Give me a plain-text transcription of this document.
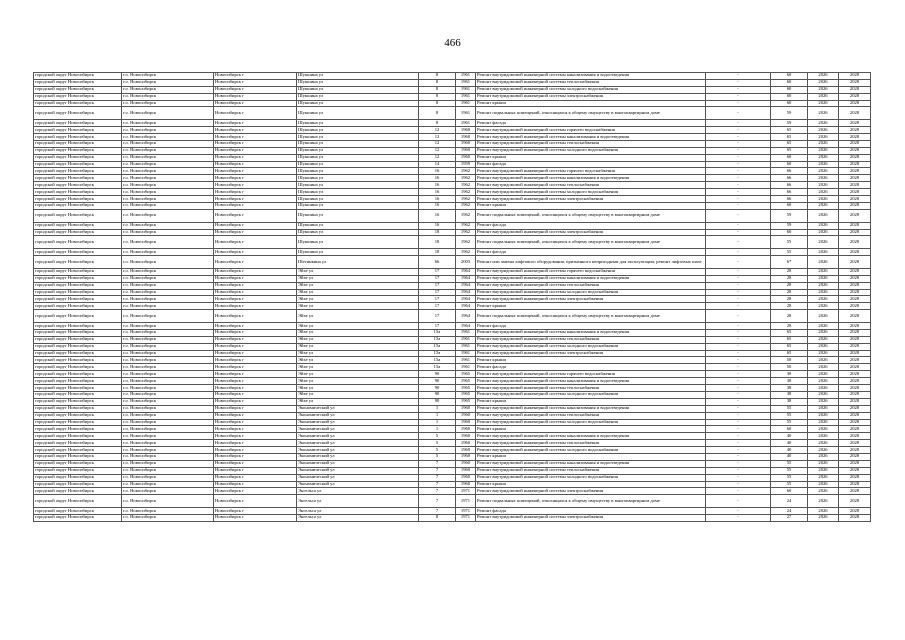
466
городской округ Новосибирск	г.о. Новосибирск	Новосибирск г	Шукшина ул	8	1961	Ремонт внутридомовой инженерной системы канализования и водоотведения	-	60	2026	2028
городской округ Новосибирск	г.о. Новосибирск	Новосибирск г	Шукшина ул	8	1961	Ремонт внутридомовой инженерной системы теплоснабжения	-	60	2026	2028
городской округ Новосибирск	г.о. Новосибирск	Новосибирск г	Шукшина ул	8	1961	Ремонт внутридомовой инженерной системы холодного водоснабжения	-	60	2026	2028
городской округ Новосибирск	г.о. Новосибирск	Новосибирск г	Шукшина ул	8	1961	Ремонт внутридомовой инженерной системы электроснабжения	-	60	2026	2028
городской округ Новосибирск	г.о. Новосибирск	Новосибирск г	Шукшина ул	8	1961	Ремонт крыши	-	60	2026	2028
городской округ Новосибирск	г.о. Новосибирск	Новосибирск г	Шукшина ул	8	1961	Ремонт подвальных помещений, относящихся к общему имуществу в многоквартирном доме	-	59	2026	2028
городской округ Новосибирск	г.о. Новосибирск	Новосибирск г	Шукшина ул	8	1961	Ремонт фасада	-	59	2026	2028
городской округ Новосибирск	г.о. Новосибирск	Новосибирск г	Шукшина ул	12	1960	Ремонт внутридомовой инженерной системы горячего водоснабжения	-	65	2026	2028
городской округ Новосибирск	г.о. Новосибирск	Новосибирск г	Шукшина ул	12	1960	Ремонт внутридомовой инженерной системы канализования и водоотведения	-	65	2026	2028
городской округ Новосибирск	г.о. Новосибирск	Новосибирск г	Шукшина ул	12	1960	Ремонт внутридомовой инженерной системы теплоснабжения	-	65	2026	2028
городской округ Новосибирск	г.о. Новосибирск	Новосибирск г	Шукшина ул	12	1960	Ремонт внутридомовой инженерной системы холодного водоснабжения	-	65	2026	2028
городской округ Новосибирск	г.о. Новосибирск	Новосибирск г	Шукшина ул	12	1960	Ремонт крыши	-	60	2026	2028
городской округ Новосибирск	г.о. Новосибирск	Новосибирск г	Шукшина ул	14	1959	Ремонт фасада	-	60	2026	2028
городской округ Новосибирск	г.о. Новосибирск	Новосибирск г	Шукшина ул	16	1962	Ремонт внутридомовой инженерной системы горячего водоснабжения	-	66	2026	2028
городской округ Новосибирск	г.о. Новосибирск	Новосибирск г	Шукшина ул	16	1962	Ремонт внутридомовой инженерной системы канализования и водоотведения	-	66	2026	2028
городской округ Новосибирск	г.о. Новосибирск	Новосибирск г	Шукшина ул	16	1962	Ремонт внутридомовой инженерной системы теплоснабжения	-	66	2026	2028
городской округ Новосибирск	г.о. Новосибирск	Новосибирск г	Шукшина ул	16	1962	Ремонт внутридомовой инженерной системы холодного водоснабжения	-	66	2026	2028
городской округ Новосибирск	г.о. Новосибирск	Новосибирск г	Шукшина ул	16	1962	Ремонт внутридомовой инженерной системы электроснабжения	-	66	2026	2028
городской округ Новосибирск	г.о. Новосибирск	Новосибирск г	Шукшина ул	16	1962	Ремонт крыши	-	60	2026	2028
городской округ Новосибирск	г.о. Новосибирск	Новосибирск г	Шукшина ул	16	1962	Ремонт подвальных помещений, относящихся к общему имуществу в многоквартирном доме	-	59	2026	2028
городской округ Новосибирск	г.о. Новосибирск	Новосибирск г	Шукшина ул	16	1962	Ремонт фасада	-	59	2026	2028
городской округ Новосибирск	г.о. Новосибирск	Новосибирск г	Шукшина ул	18	1962	Ремонт внутридомовой инженерной системы электроснабжения	-	60	2026	2028
городской округ Новосибирск	г.о. Новосибирск	Новосибирск г	Шукшина ул	18	1962	Ремонт подвальных помещений, относящихся к общему имуществу в многоквартирном доме	-	55	2026	2028
городской округ Новосибирск	г.о. Новосибирск	Новосибирск г	Шукшина ул	18	1962	Ремонт фасада	-	55	2026	2028
городской округ Новосибирск	г.о. Новосибирск	Новосибирск г	Шетинкина ул	66	2003	Ремонт или замена лифтового оборудования, признанного непригодным для эксплуатации, ремонт лифтовых шахт	-	6*	2026	2028
городской округ Новосибирск	г.о. Новосибирск	Новосибирск г	Эйхе ул	17	1964	Ремонт внутридомовой инженерной системы горячего водоснабжения	-	28	2026	2028
городской округ Новосибирск	г.о. Новосибирск	Новосибирск г	Эйхе ул	17	1964	Ремонт внутридомовой инженерной системы канализования и водоотведения	-	28	2026	2028
городской округ Новосибирск	г.о. Новосибирск	Новосибирск г	Эйхе ул	17	1964	Ремонт внутридомовой инженерной системы теплоснабжения	-	28	2026	2028
городской округ Новосибирск	г.о. Новосибирск	Новосибирск г	Эйхе ул	17	1964	Ремонт внутридомовой инженерной системы холодного водоснабжения	-	28	2026	2028
городской округ Новосибирск	г.о. Новосибирск	Новосибирск г	Эйхе ул	17	1964	Ремонт внутридомовой инженерной системы электроснабжения	-	28	2026	2028
городской округ Новосибирск	г.о. Новосибирск	Новосибирск г	Эйхе ул	17	1964	Ремонт крыши	-	28	2026	2028
городской округ Новосибирск	г.о. Новосибирск	Новосибирск г	Эйхе ул	17	1964	Ремонт подвальных помещений, относящихся к общему имуществу в многоквартирном доме	-	28	2026	2028
городской округ Новосибирск	г.о. Новосибирск	Новосибирск г	Эйхе ул	17	1964	Ремонт фасада	-	28	2026	2028
городской округ Новосибирск	г.о. Новосибирск	Новосибирск г	Эйхе ул	15а	1961	Ремонт внутридомовой инженерной системы канализования и водоотведения	-	65	2026	2028
городской округ Новосибирск	г.о. Новосибирск	Новосибирск г	Эйхе ул	15а	1961	Ремонт внутридомовой инженерной системы теплоснабжения	-	65	2026	2028
городской округ Новосибирск	г.о. Новосибирск	Новосибирск г	Эйхе ул	15а	1961	Ремонт внутридомовой инженерной системы холодного водоснабжения	-	65	2026	2028
городской округ Новосибирск	г.о. Новосибирск	Новосибирск г	Эйхе ул	15а	1961	Ремонт внутридомовой инженерной системы электроснабжения	-	65	2026	2028
городской округ Новосибирск	г.о. Новосибирск	Новосибирск г	Эйхе ул	15а	1961	Ремонт крыши	-	50	2026	2028
городской округ Новосибирск	г.о. Новосибирск	Новосибирск г	Эйхе ул	15а	1961	Ремонт фасада	-	50	2026	2028
городской округ Новосибирск	г.о. Новосибирск	Новосибирск г	Эйхе ул	90	1965	Ремонт внутридомовой инженерной системы горячего водоснабжения	-	38	2026	2028
городской округ Новосибирск	г.о. Новосибирск	Новосибирск г	Эйхе ул	90	1965	Ремонт внутридомовой инженерной системы канализования и водоотведения	-	38	2026	2028
городской округ Новосибирск	г.о. Новосибирск	Новосибирск г	Эйхе ул	90	1965	Ремонт внутридомовой инженерной системы теплоснабжения	-	38	2026	2028
городской округ Новосибирск	г.о. Новосибирск	Новосибирск г	Эйхе ул	90	1965	Ремонт внутридомовой инженерной системы холодного водоснабжения	-	38	2026	2028
городской округ Новосибирск	г.о. Новосибирск	Новосибирск г	Эйхе ул	90	1965	Ремонт крыши	-	38	2026	2028
городской округ Новосибирск	г.о. Новосибирск	Новосибирск г	Экономический ул	1	1960	Ремонт внутридомовой инженерной системы канализования и водоотведения	-	55	2026	2028
городской округ Новосибирск	г.о. Новосибирск	Новосибирск г	Экономический ул	1	1960	Ремонт внутридомовой инженерной системы теплоснабжения	-	55	2026	2028
городской округ Новосибирск	г.о. Новосибирск	Новосибирск г	Экономический ул	1	1960	Ремонт внутридомовой инженерной системы холодного водоснабжения	-	55	2026	2028
городской округ Новосибирск	г.о. Новосибирск	Новосибирск г	Экономический ул	1	1960	Ремонт крыши	-	60	2026	2028
городской округ Новосибирск	г.о. Новосибирск	Новосибирск г	Экономический ул	5	1960	Ремонт внутридомовой инженерной системы канализования и водоотведения	-	40	2026	2028
городской округ Новосибирск	г.о. Новосибирск	Новосибирск г	Экономический ул	5	1960	Ремонт внутридомовой инженерной системы теплоснабжения	-	40	2026	2028
городской округ Новосибирск	г.о. Новосибирск	Новосибирск г	Экономический ул	5	1960	Ремонт внутридомовой инженерной системы холодного водоснабжения	-	40	2026	2028
городской округ Новосибирск	г.о. Новосибирск	Новосибирск г	Экономический ул	5	1960	Ремонт крыши	-	40	2026	2028
городской округ Новосибирск	г.о. Новосибирск	Новосибирск г	Экономический ул	7	1960	Ремонт внутридомовой инженерной системы канализования и водоотведения	-	55	2026	2028
городской округ Новосибирск	г.о. Новосибирск	Новосибирск г	Экономический ул	7	1960	Ремонт внутридомовой инженерной системы теплоснабжения	-	55	2026	2028
городской округ Новосибирск	г.о. Новосибирск	Новосибирск г	Экономический ул	7	1960	Ремонт внутридомовой инженерной системы холодного водоснабжения	-	55	2026	2028
городской округ Новосибирск	г.о. Новосибирск	Новосибирск г	Экономический ул	7	1960	Ремонт крыши	-	55	2026	2028
городской округ Новосибирск	г.о. Новосибирск	Новосибирск г	Энгельса ул	7	1971	Ремонт внутридомовой инженерной системы электроснабжения	-	60	2026	2028
городской округ Новосибирск	г.о. Новосибирск	Новосибирск г	Энгельса ул	7	1971	Ремонт подвальных помещений, относящихся к общему имуществу в многоквартирном доме	-	24	2026	2028
городской округ Новосибирск	г.о. Новосибирск	Новосибирск г	Энгельса ул	7	1971	Ремонт фасада	-	24	2026	2028
городской округ Новосибирск	г.о. Новосибирск	Новосибирск г	Энгельса ул	8	1971	Ремонт внутридомовой инженерной системы электроснабжения	-	27	2026	2028
